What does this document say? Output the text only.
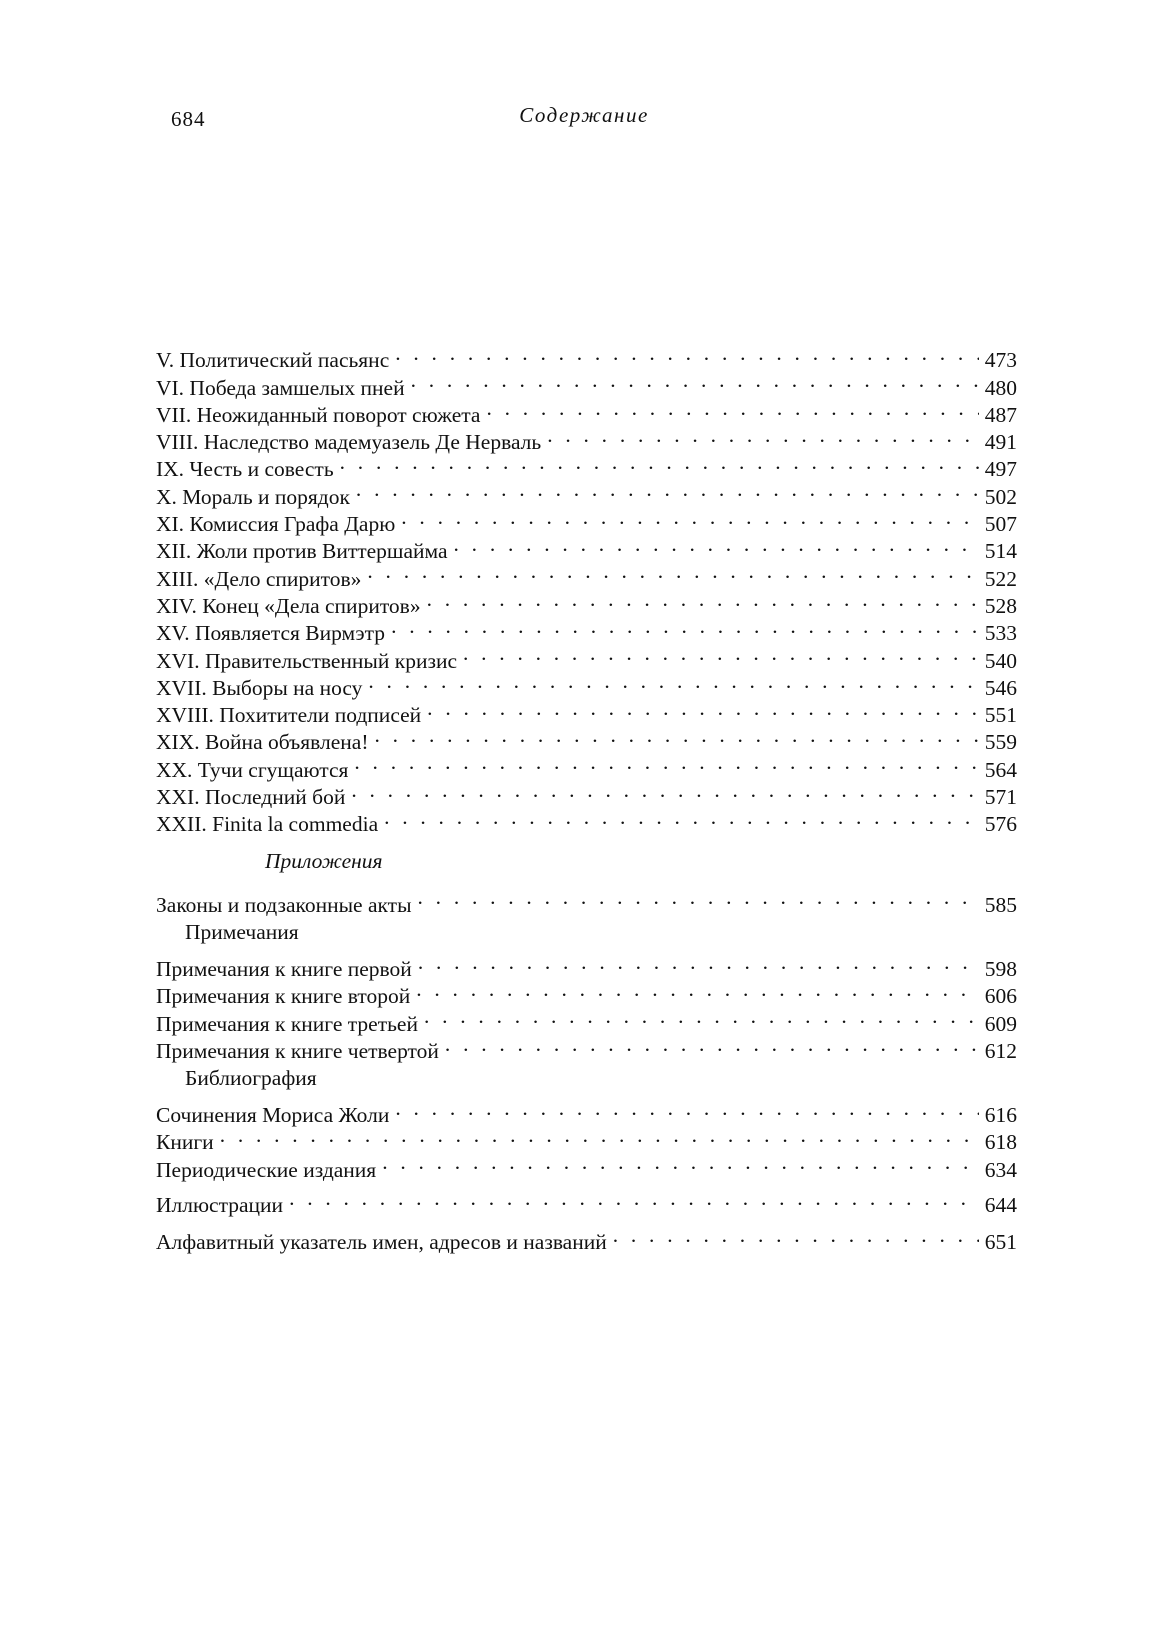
684	Содержание
V. Политический пасьянс . . .	473
VI. Победа замшелых пней . . .	480
VII. Неожиданный поворот сюжета . . .	487
VIII. Наследство мадемуазель Де Нерваль . . .	491
IX. Честь и совесть . . .	497
X. Мораль и порядок . . .	502
XI. Комиссия Графа Дарю . . .	507
XII. Жоли против Виттершайма . . .	514
XIII. «Дело спиритов» . . .	522
XIV. Конец «Дела спиритов» . . .	528
XV. Появляется Вирмэтр . . .	533
XVI. Правительственный кризис . . .	540
XVII. Выборы на носу . . .	546
XVIII. Похитители подписей . . .	551
XIX. Война объявлена! . . .	559
XX. Тучи сгущаются . . .	564
XXI. Последний бой . . .	571
XXII. Finita la commedia . . .	576
Приложения
Законы и подзаконные акты . . .	585
Примечания
Примечания к книге первой . . .	598
Примечания к книге второй . . .	606
Примечания к книге третьей . . .	609
Примечания к книге четвертой . . .	612
Библиография
Сочинения Мориса Жоли . . .	616
Книги . . .	618
Периодические издания . . .	634
Иллюстрации . . .	644
Алфавитный указатель имен, адресов и названий . . .	651
